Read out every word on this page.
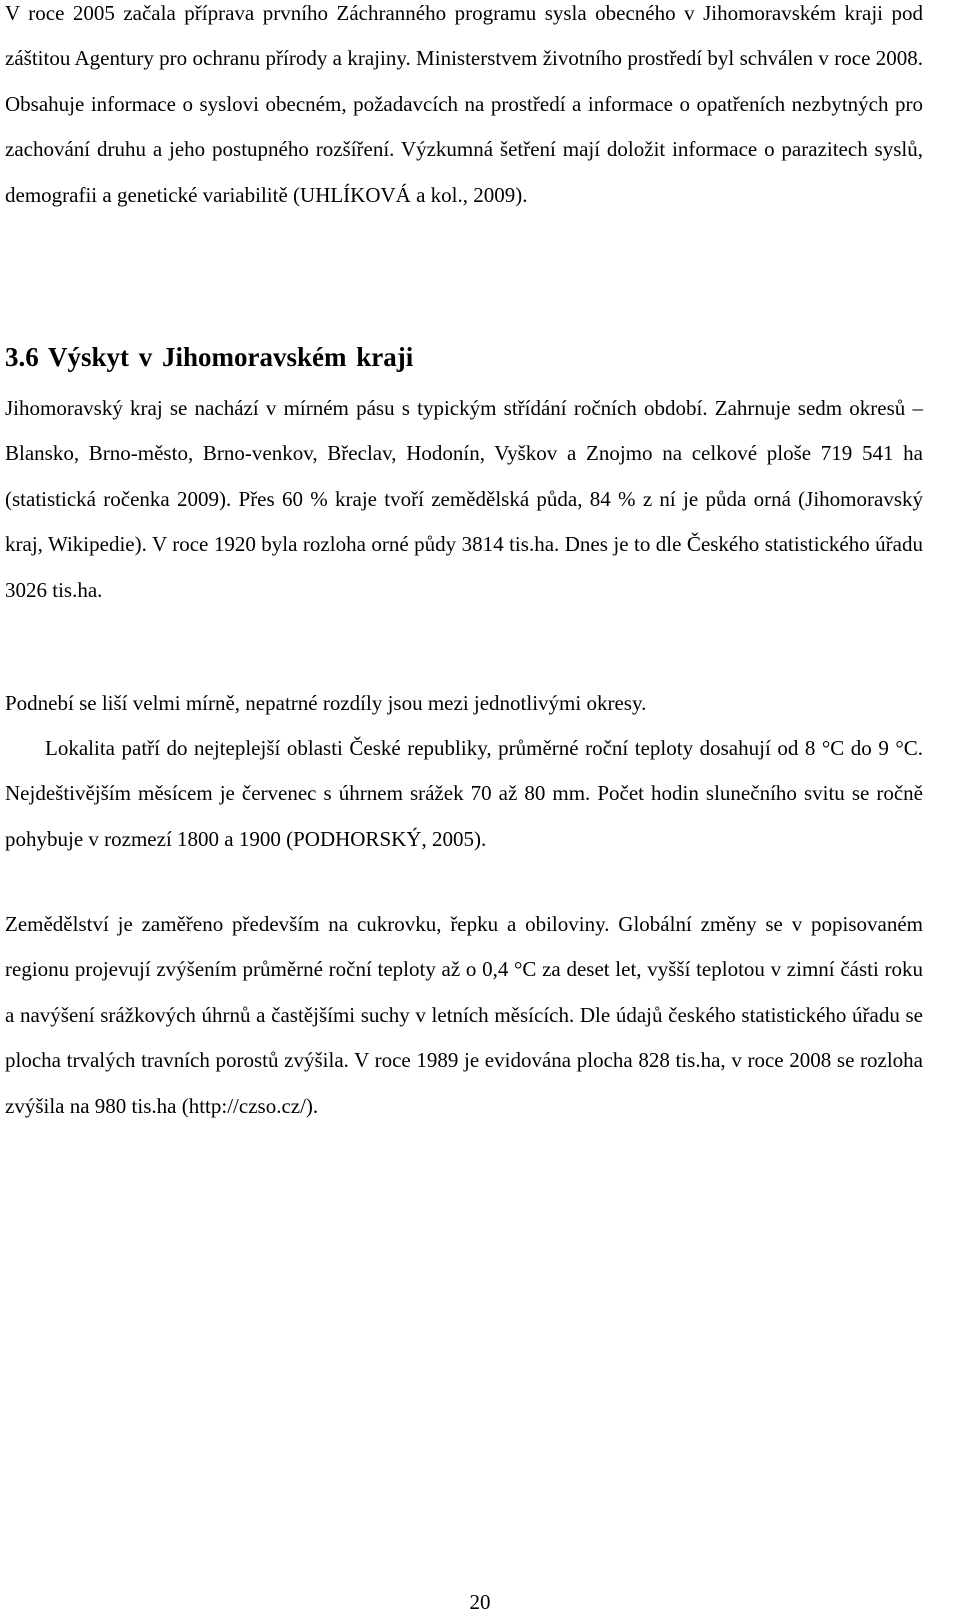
V roce 2005 začala příprava prvního Záchranného programu sysla obecného v Jihomoravském kraji pod záštitou Agentury pro ochranu přírody a krajiny. Ministerstvem životního prostředí byl schválen v roce 2008. Obsahuje informace o syslovi obecném, požadavcích na prostředí a informace o opatřeních nezbytných pro zachování druhu a jeho postupného rozšíření. Výzkumná šetření mají doložit informace o parazitech syslů, demografii a genetické variabilitě (UHLÍKOVÁ a kol., 2009).

3.6 Výskyt v Jihomoravském kraji

Jihomoravský kraj se nachází v mírném pásu s typickým střídání ročních období. Zahrnuje sedm okresů – Blansko, Brno-město, Brno-venkov, Břeclav, Hodonín, Vyškov a Znojmo na celkové ploše 719 541 ha (statistická ročenka 2009). Přes 60 % kraje tvoří zemědělská půda, 84 % z ní je půda orná (Jihomoravský kraj, Wikipedie). V roce 1920 byla rozloha orné půdy 3814 tis.ha. Dnes je to dle Českého statistického úřadu 3026 tis.ha.

Podnebí se liší velmi mírně, nepatrné rozdíly jsou mezi jednotlivými okresy.

Lokalita patří do nejteplejší oblasti České republiky, průměrné roční teploty dosahují od 8 °C do 9 °C. Nejdeštivějším měsícem je červenec s úhrnem srážek 70 až 80 mm. Počet hodin slunečního svitu se ročně pohybuje v rozmezí 1800 a 1900 (PODHORSKÝ, 2005).

Zemědělství je zaměřeno především na cukrovku, řepku a obiloviny. Globální změny se v popisovaném regionu projevují zvýšením průměrné roční teploty až o 0,4 °C za deset let, vyšší teplotou v zimní části roku a navýšení srážkových úhrnů a častějšími suchy v letních měsících. Dle údajů českého statistického úřadu se plocha trvalých travních porostů zvýšila. V roce 1989 je evidována plocha 828 tis.ha, v roce 2008 se rozloha zvýšila na 980 tis.ha (http://czso.cz/).

20
